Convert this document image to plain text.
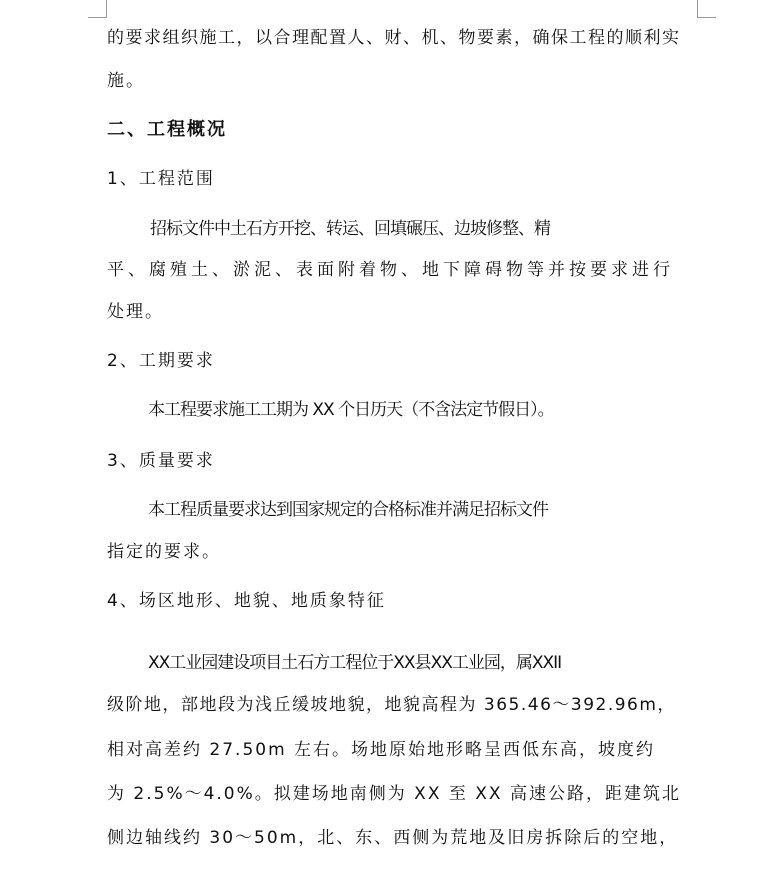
的要求组织施工，以合理配置人、财、机、物要素，确保工程的顺利实
施。
二、工程概况
1、工程范围
招标文件中土石方开挖、转运、回填碾压、边坡修整、精
平、腐殖土、淤泥、表面附着物、地下障碍物等并按要求进行
处理。
2、工期要求
本工程要求施工工期为 XX 个日历天（不含法定节假日）。
3、质量要求
本工程质量要求达到国家规定的合格标准并满足招标文件
指定的要求。
4、场区地形、地貌、地质象特征
XX工业园建设项目土石方工程位于XX县XX工业园，属XXII
级阶地，部地段为浅丘缓坡地貌，地貌高程为 365.46～392.96m，
相对高差约 27.50m 左右。场地原始地形略呈西低东高，坡度约
为 2.5%～4.0%。拟建场地南侧为 XX 至 XX 高速公路，距建筑北
侧边轴线约 30～50m，北、东、西侧为荒地及旧房拆除后的空地，
